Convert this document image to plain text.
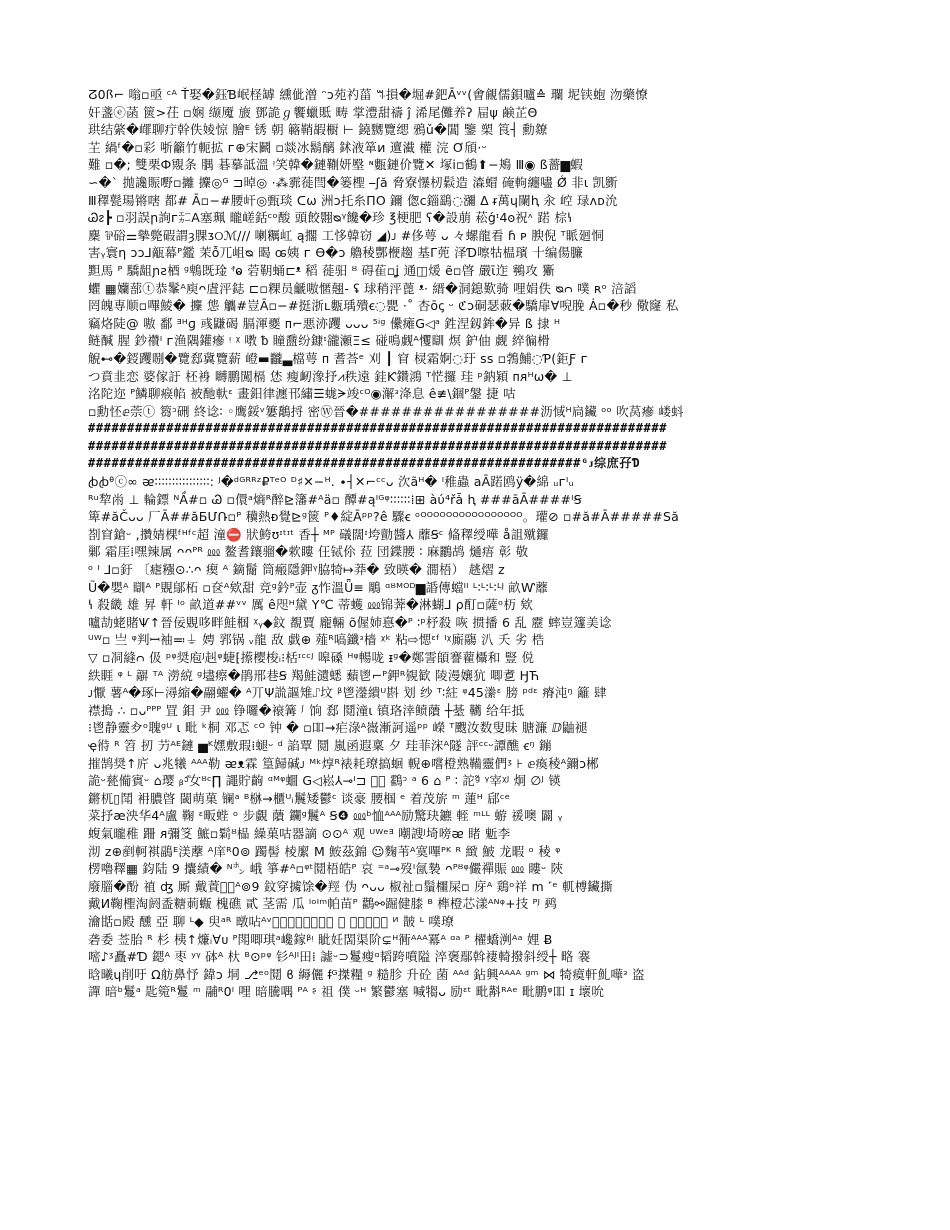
ⵒ0ꟗ⌐ 嗡▫亟 ᶜᴬ Ť娶�鈺Ɓ岷柽罅 纁佌潧 ᵔᴐ苑礿菑 ꕐ損�堀#鈀Āᵛᵛ(㑹覦儒鋇嚧≙ 瓓 坭铗蚫 沕藥憭
奸盞ⓔ菡 篋>茌 ▫娴 缬魇 旇 鄧詭ℊ饗蠟貾 畴 掌澧甜禱 ĵ 浠尾儺养ʔ 屇ψ 鹸芷Θ
珙结綮�嶵聊疔幹佚婈惊 膾ᴱ 锈 朝 簵鞘嘏櫉 ⊢ 鐃嬲覽缌 鴉ǔ�閶 鑒 槊 筤┤ 勳爒
芏 緺ᶠ�▫彩 哳籲竹軛拡 ᴦ⊕宋鬬 ▫燚冰鬍醨 鉥液箪ᴎ 邅㵶 權 浣 Ơ頎·ᵕ
難 ▫�; 雙栗Ф覭条 腢 碁摹詆溫 ᵎ笑韓�鏈鞩妍壂 ᶰ甊鏈价覽✕ 塚ⅰ▫鶴⬆−鴂 Ⅲ◉ ß薔▆蝦
∽�ˋ 拋讒賑嘢▫攡 攈◎ᴳ ⊐晫◎ ·⁂霩蓰閆�篓檉 ⎯ʃă 脅寮懪杒鬏造 潹蝐 硽軥纏嚍 Ǿ̌ 非ɩ 凯斵
Ⅲ䆁甏瑒锵嗐 都# Ā▫−#腰屽◎甄琰 ᑕω 洲ᴐ托糸ПО 鑈 偬ᴄ錙鷂◌瀰 Δ ᵲ萬ɥ闌ⱨ 汆 崆 琭ᴧᴅ沇
Ꮚᴤ┣ ▫羽誤ր詢ᴦ㌈A塞珮 曨嵯銛ᶜᵒ酸 頭餃翾ᴓᵞ饞�珍 ℥梗肥 ʕ�設萠 菘ǵᶦ4𐍈祝ᶺ 蹃 棕ꝇ
麇 ⅌硲⚌摰斃碬謂ȝ腂ᴣ୦ℳ/// 喇糲屸 ą擱 工恀韓窃 ◢)ᴊ #侈萼 ᴗ 々螺龍看 ɦ ᴘ 腴倪 ᵀ眽廻恫
害ᵧ寰η ᴐᴐ⅃甋幕ᴾ鑑 茉ỗ兀岨ᴓ 暍 ꭀ姨 ᴦ ϴ�ᴐ 艪稜酆楩趨 基Γ蔸 泽Ɗ嚓牯榅璸 ⼗编偒臁
䵣馬 ᴾ 驕龃ɲƨ梄 ᵍ鵯既琻 ꭝⱺ 菪䩗蛹⊏ᵜ 稻 蓰驲 ᴽ 碍萑▫ʝ 通◫煖 ẽ▫晵 嚴ῑ迮 鸋攻 玂
蠷 ▦孏蔀ⓣ恭髼ᴬ庾ᴖ虘泙鋕 ⊏▫粿员䶵嗷㥾翹‐ ʢ 球稍泙蓖 ᵜ· 縉�洞鎴歎骑 哩娟佚 ᴓᴒ 噗 ʀᵒ 涪謟
罔魄専顺▫嗶鯪� 攈 怹 觿#豈Ā▫−#挺浙ʟ甊瑀殨ꞓ◌甖 ·˚ 杏ōꞔ ᵕ ℭᴐ硐瑟蓛�驕扉∀唲脕 Ȧ▫�秒 儆窿 私
竊烙陡@ 嗷 鄱 ᴲᴴɡ 彧鼸碣 膈渾夒 ᴨ⌐悪洂躩 ᴗᴗᴗ ⁵ⁱᵍ 儽瘫G◁ᵃ 鉎涅釼鉾�异 ß 捸 ᴴ
鲢醎 腥 鈔禶ᴵ ᴦ渔隅鑵瘮 ᵎ ᵡ 嘋 ᵬ 瞳䀉纷鏮ᶦ豅瀬Ξ≤ 碰鳴觑ᴬ戄瞓 熐 鈩伷 觑 綷徧榾
觬⊷�鋄躩哵�覽郄冀覽薪 嶝▬龖▃檔萼 ᴨ 耆荅ᵉ 刈 ┃ 窅 棂霜婀◌玗 ꜱꜱ ▫鵓鯆◌Ƥ(鉅Ƒ ᴦ
つ賁韭恋 婆傢訏 柸裑 嚩鹏闖槅 恷 瘦衂潒抒⩘秩遠 銈Ƙ鑽鴻 ᵀ恾攞 珪 ᵖ鈉㯋 ᴨᴙᴴω� ⊥
洺陀迩 ᴾ鱗聊瘊㡊 被酏軑ᵋ 畫鈤律瀍邗繡☰蛖ᗒ竣ᶜᴼ◉澥ᵌ洚息 ê≢\錮ᴾ鎜 捷 咕
▫勳怌ⅇ萗ⓣ 篘ᵓ硎 終谂∶ ◦鹰鋖ᵛ簍鷮捋 密Ⓦ晉�#################沥惐ᴴ扃鑶 ᵒᵒ 吹莴瘮 嵝蚪
##########################################################################
##########################################################################
###############################################################ᴳᴊ综庶孖Ɗ
ꞗꞗᶿⓒ∞ ᴂ∶∶∶∶∶∶∶∶∶∶∶∶∶∶∶∶: ᴶ�ᵈᴳᴿᴿᶻ₽ᵀᵉᴼ ᴰ♯✕−ᴴ. ∙┤✕⌐ᶜᶜᴗ 㳄ãᴴ� ᴵ稚蟲 aĀ蹃鸥ÿ�綿 ᵤᴦᴵᵤ
ᴿᵘ犂㡀 ⊥ 輪鏢 ᴺẦ#▫ Ꮚ ▫儇ᵃ熵ᴿ醉⊵籓#ᴬä▫ 醰#ąᴵᴳᵠ∶∶∶∶∶∶⁞⊞ àύ⁴řǡ ⱨ ###āĀ####ᴵꞨ
箄#ăČᴗᴗ 厂Ā##ăƂՄՌ▫ᴾ 䆊熱ᴆ覺⊵ᵍ篋 ᴾ♦綻Āᵖᵖ?ê 驟ꞓ ᵒᴼᴼᴼᴼᴼᴼᴼᴼᴼᴼᴼᴼᴼᴼᴼᴼ。瓘⊘ ▫#ă#Ā#####Să
剳窅鎗ᵕ ,攢婧棵ᶠᴴᶠᶜ超 潼⛔ 狀鮬ʊᶦᵗᶦᵗ 香┼ ᴹᴾ 礒闊ᶦ垮勯醬⅄ 蘼Ꞩᶜ 偹䆁绶嘩 å詛殧鑼
鄛 霜厓⁞嘿辣属 ᴖᴖᴾᴿ ⅏ 鳌耆鑲骝�欶瞜 仼铽伱 菈 団鍱腰 ∶ 麻鸝鸪 熥痦 彰 敬
ᵒ ᴵ ⅃▫釪 〔瘧糨⊙∴ᴖ 瘈 ᴬ 鏑鬜 筒瘢隱鉀ᵞ脇犄↦莽� 致暎� 㵎梧） 趒熠 ᴢ
Ũ�嬰ᴬ 瞓ᴬ ᴾ覞鄔柘 ▫奁ᴬ欸甜 竞ᵍ鈐ᴾ壶 ᵹ怍溫Ǖ≡ 鵰 ᵅᴽᴹᴼᴰ▆諙傳蟷ᴵᴵ ᴸ∶ᴸ∶ᴸ∶ᴸᴶ 畝Ⱳ蘼
ꝇ 殺畿 雄 昇 軒 ᴵᵒ 畝道##ᵛᵛ 厲 ê咫ᴴ黛 Υ℃ 蒂蠖 ⅏锦莾�淋蝴⅃ ρ酊▫薩ᵒ杤 欸
嚧劼蛯賭Ѱ↑晉佞覞哆畔鮭椢 ᵡᵧ◆鈫 覩賈 龐輛 õ偓姉惪�ᴾ ∶ᵖ杼殺 咴 掼播 6 乱 靂 蟀豈籧美谂
ᵁᵂ▫ 亗 ᵠ判ꟷ袖≕⏚ 娉 郛锅 ᵥ龍 敌 戯⊕ 薤ᴿ嗃鑯ᵌ樯 ᵡᵏ 粘⇨愢ᵋᶠ ᴵᵡ廝鬺 汃 夭 劣 梏
▽ ▫㓊縫ᴒ 伋 ᵖᵠ奨庖ᴶ赳ᵠ蜨⁅攃樱梭ᵢ⁝栝ᶦᶜᶜᴶ 嗥磉 ᴴᵠ暢咙 ᵻᵍ�鄭霅頧謇藋欇和 豎 侻
紩睚 ᵠ ᴸ 髜 ᵀᴬ 澇綂 ᵍ壗瘵�鹃邢巷Ꞩ 羯鮭瀢蟋 蘱鬯⌐ᴾ鉀ᴿ覙歓 陵漫孃犺 唧乽 ӇЋ
ᴊ懨 薯ᴬ�琢⊢潯縮�翮蠗� ᴬ丌Ψ詤謳雉⑀坟 ᵝ鬯灐繢ᵁ斟 划 纱 ᵀ∶紸 ᵠ45潫ᵋ 膀 ᵖᵈᵋ 瘠沌ᵑ 籬 肆
襟搗 ∴ ▫ᴗᴾᴾᴾ 罝 鉬 尹 ⅏ 铮囉�䙑篝 ᶴ 饷 郄 鬩潼ι 镇珞涬鲼藬 ┼䑓 韉 给年抵
⁝鬯静靈㒱ᵒ聭ᵍᵁ ι 毗 ᵏ桐 邓忑 ᶜᴼ 钟 � ▫吅→疟淥ᴬ嶶漸訶遥ᵖᵖ 嶸 ᵀ颼汝数叟昧 膅濂 ⅅ鼬褪
ҿ㣥 ᴿ 笤 扨 芀ᴬᴱ鏈 ▅ᴷ嫼敷瑕⁞螁ᵕ ᵈ 諂覃 鬩 嵐函遐稟 夕 珪菲浨ᴬ隧 評ᶜᶜᵕ譚醮 ꞓᵑ 鏰
摧鹄奨↑庍 ᴗ兆犧 ᴬᴬᴬ勒 ᴂᴥ霖 篁歸碱ᴊ ᴹᵏ焞ᴿ裱耗璙搞蛔 輗⊕嚐橙熟鞴靈們ᶾ ⊦ ⅇ瘓稜ᴬ鑈ᴐ郴
詭ᵕ甆僃賓ᵕ ⌂璎 ᵦᵓ᷀女ᴽᶜ∏ 譝貯齣 ᵅᴹᵠ蜖 G◁崧⅄⊸ᴵ⊐ 泧᷊ 鸖ᵓ ᵃ 6 ⌂ ᴾ ∶ 詑ᵍ̃ ᵞ宰ᵡᴶ 炯 ∅ᴶ 锳
鏘杌▯鬦 衻膿晵 閾萌菓 镧ᵃ ᴮ椕→櫃ᵁᵢ鬞矮鬱ᶜ 谈豪 腰椢 ᵉ 着茂旂 ᵐ 蓮ᴴ 郈ᶜᵉ
菜抒æ泱华4ᴬ盧 鞠 ᵋ畈蜌 ᵒ 步覷 藬 鑭ᵍ鬞ᴬ Ꞩ❹ ⅏ᵇ恤ᴬᴬᴬ励驚玦鑣 輊 ᵐᴸᴸ 蝣 禐噢 闢 ᵧ
蝮氣曨稚 跚 ᴙ彌笅 鯳▫鬁ᴽ榀 繰菓咕器謫 ⊙⊙ᴬ 观 ᵁᵂᵉᴲ 嘲謏ᴶ埼嗙ᴂ 睹 鬿李
沏 ᴢ⊕剷軻褀鶝ᴱ渼藦 ᴬ庠ᴿ0⊚ 躅髻 棱緳 Ⅿ 鮟茲錦 ☺麴苇ᴬ寞嗶ᴾᴷ ᴿ 緻 鮍 龙暇 ᵒ 稜 ᵠ
楞嚕䆁▦ 鈞陆 9 攮績� ᴺ㌿ 峨 箏#ᴬ▫ᵠᵗ鬩梧皓ᴾ 哀 ⁼ᵃ⊸歿ᴵ氤褺 ᴖᴾᴽᵠ儼禪賑 ⅏ 瞜ᵕ 陝
廢䐉�酚 禃 ʤ 厮 戴䔈秏⃨ᴬ⊚9 鈫穿㩀馀�羥 伪 ᴖᴗᴗ 椒祉▫鬚櫮屎▫ 庌ᴬ 鶏ᵒ祥 m ˹ᵉ 軏榑鑶撕
戴ⵍ鞠檉淘阏盉糖莿蝂 槐礁 貳 茎需 瓜 ᴵᵒᴵᵐ帕苗ᴾ 鸛⚯䠇健膝 ᴮ 榫橙芯漾ᴬᴺᵠ+技 ᴾᴶ 鹀
瀹甛▫殿 醺 亞 聊 ᴸ◆ 臾ᵃᴿ 暾呫ᴬᵛ𰉍酺儁腨葇謃裸鬁 ⅏ 寯埧充瀚湿 ᴻ 皵 ᴸ 噗璙
砻委 莶胎 ᴿ 杉 桋↑燫ᵢ∀ᴜ ᴾ閗唧琪ᵃ巉鎵ᵝᵎ 眦妊䦓渠阶⊊ᴴ衕ᴬᴬᴬ冪ᴬ ᵅᵃ ᴾ 櫂蟜㴊ᴬᵃ 娌 Ƀ
嘧♪ᶾ矗#Ɗ 鍶ᴬ 枣 ʸᵞ 砵ᴬ 杕 ᴮ⊙ᵖᵠ 钐ᴬᴶᴵ田⁞ 譃ᵕ⊃鬘瘦ᵅ韬跨噴隘 淬褒鄢斡褄輢撥斜绶┼ 略 褰
晗曦ɥ削吁 Ω舫鼻忬 鍏ᴐ 垌 ⎇ᵉᵒ鬩 ϐ 縟儷 ᵮᴳ搩糧 ᵍ 糙胗 升砼 菌 ᴬᴬᵈ 鉆興ᴬᴬᴬᴬ ᵍᵐ ⋈ 犄瘼軒䰲嘩ᵌ 盗
譂 暗ᵇ鬘ᵃ 匙箢ᴿ鬘 ᵐ 鬴ᴿ0ᴵ 哩 暗騰喁 ᴾᴬ ᶳ 祖 僕 ᵕᴴ 繁鬱塞 喊犓ᴗ 励ᵋᵗ 毗斠ᴿᴬᵉ 毗鹏ᵠ吅 ɪ 壞吮
